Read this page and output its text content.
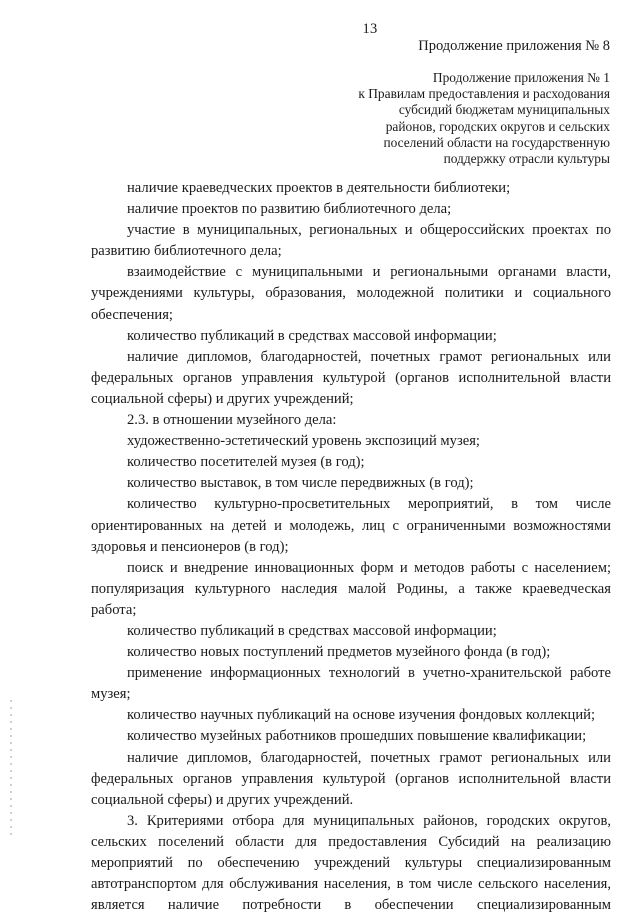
13
Продолжение приложения № 8
Продолжение приложения № 1
к Правилам предоставления и расходования
субсидий бюджетам муниципальных
районов, городских округов и сельских
поселений области на государственную
поддержку отрасли культуры

наличие краеведческих проектов в деятельности библиотеки;

наличие проектов по развитию библиотечного дела;

участие в муниципальных, региональных и общероссийских проектах по развитию библиотечного дела;

взаимодействие с муниципальными и региональными органами власти, учреждениями культуры, образования, молодежной политики и социального обеспечения;

количество публикаций в средствах массовой информации;

наличие дипломов, благодарностей, почетных грамот региональных или федеральных органов управления культурой (органов исполнительной власти социальной сферы) и других учреждений;

2.3. в отношении музейного дела:

художественно-эстетический уровень экспозиций музея;

количество посетителей музея (в год);

количество выставок, в том числе передвижных (в год);

количество культурно-просветительных мероприятий, в том числе ориентированных на детей и молодежь, лиц с ограниченными возможностями здоровья и пенсионеров (в год);

поиск и внедрение инновационных форм и методов работы с населением; популяризация культурного наследия малой Родины, а также краеведческая работа;

количество публикаций в средствах массовой информации;

количество новых поступлений предметов музейного фонда (в год);

применение информационных технологий в учетно-хранительской работе музея;

количество научных публикаций на основе изучения фондовых коллекций;

количество музейных работников прошедших повышение квалификации;

наличие дипломов, благодарностей, почетных грамот региональных или федеральных органов управления культурой (органов исполнительной власти социальной сферы) и других учреждений.

3. Критериями отбора для муниципальных районов, городских округов, сельских поселений области для предоставления Субсидий на реализацию мероприятий по обеспечению учреждений культуры специализированным автотранспортом для обслуживания населения, в том числе сельского населения, является наличие потребности в обеспечении специализированным
